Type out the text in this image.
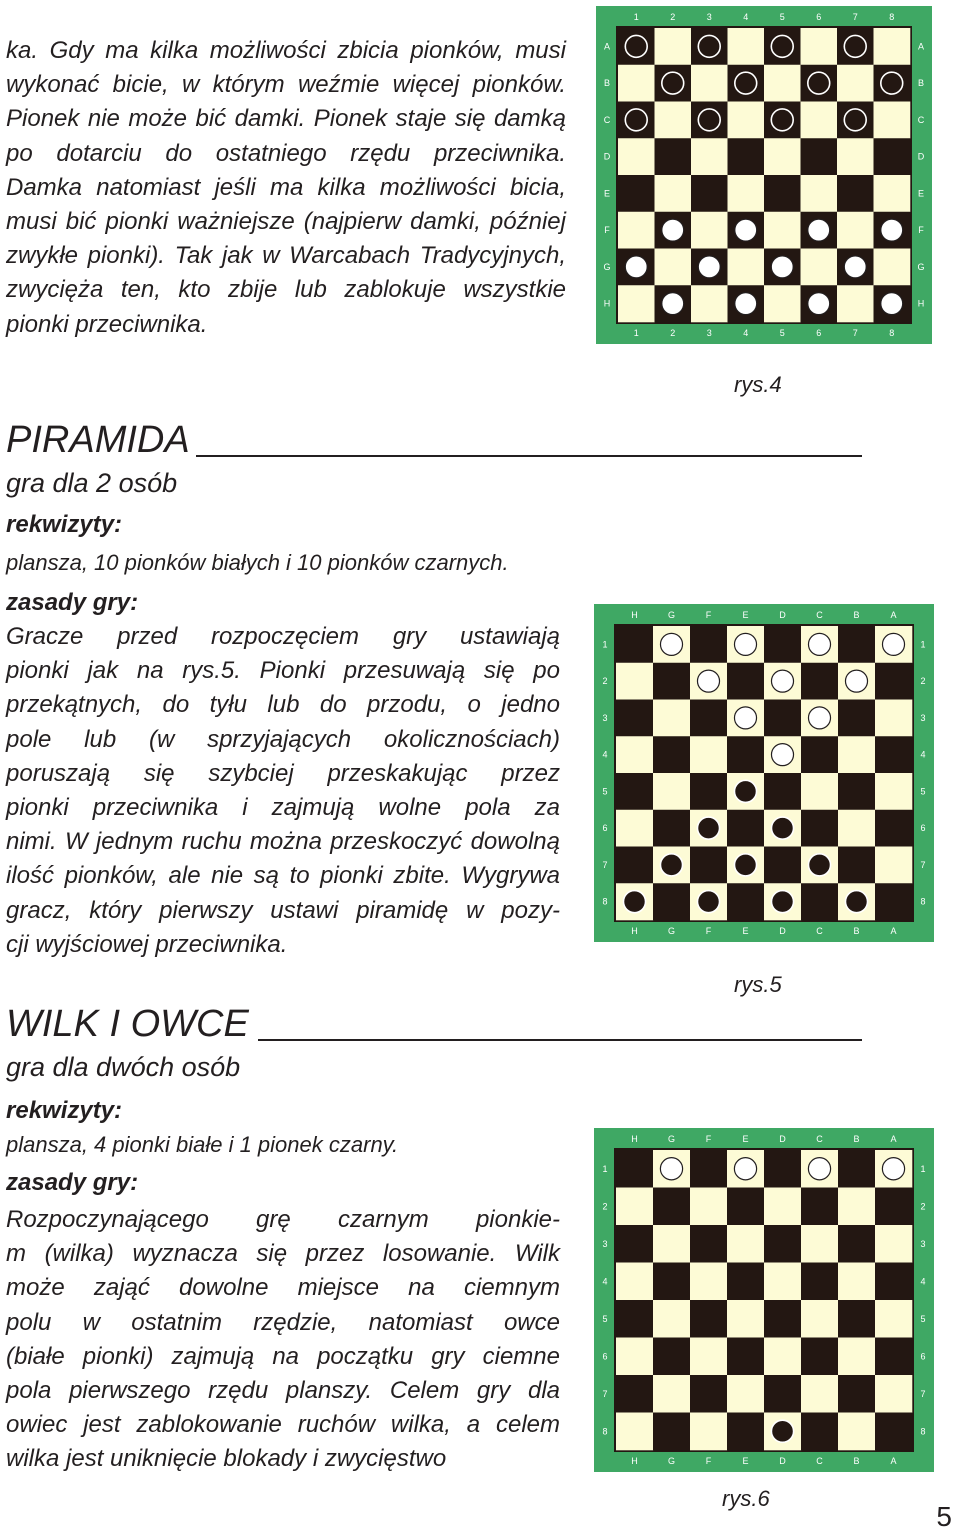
ka. Gdy ma kilka możliwości zbicia pionków, musi
wykonać bicie, w którym weźmie więcej pionków.
Pionek nie może bić damki. Pionek staje się damką
po dotarciu do ostatniego rzędu przeciwnika.
Damka natomiast jeśli ma kilka możliwości bicia,
musi bić pionki ważniejsze (najpierw damki, później
zwykłe pionki). Tak jak w Warcabach Tradycyjnych,
zwycięża ten, kto zbije lub zablokuje wszystkie
pionki przeciwnika.

PIRAMIDA
gra dla 2 osób
rekwizyty:
plansza, 10 pionków białych i 10 pionków czarnych.
zasady gry:

Gracze przed rozpoczęciem gry ustawiają
pionki jak na rys.5. Pionki przesuwają się po
przekątnych, do tyłu lub do przodu, o jedno
pole lub (w sprzyjających okolicznościach)
poruszają się szybciej przeskakując przez
pionki przeciwnika i zajmują wolne pola za
nimi. W jednym ruchu można przeskoczyć dowolną
ilość pionków, ale nie są to pionki zbite. Wygrywa
gracz, który pierwszy ustawi piramidę w pozy-
cji wyjściowej przeciwnika.

WILK I OWCE
gra dla dwóch osób
rekwizyty:
plansza, 4 pionki białe i 1 pionek czarny.
zasady gry:

Rozpoczynającego grę czarnym pionkie-
m (wilka) wyznacza się przez losowanie. Wilk
może zająć dowolne miejsce na ciemnym
polu w ostatnim rzędzie, natomiast owce
(białe pionki) zajmują na początku gry ciemne
pola pierwszego rzędu planszy. Celem gry dla
owiec jest zablokowanie ruchów wilka, a celem
wilka jest uniknięcie blokady i zwycięstwo

1	2	3	4	5	6	7	8
1	2	3	4	5	6	7	8
A
B
C
D
E
F
G
H
A
B
C
D
E
F
G
H
rys.4
H	G	F	E	D	C	B	A
H	G	F	E	D	C	B	A
1
2
3
4
5
6
7
8
1
2
3
4
5
6
7
8
rys.5
H	G	F	E	D	C	B	A
H	G	F	E	D	C	B	A
1
2
3
4
5
6
7
8
1
2
3
4
5
6
7
8
rys.6
5
